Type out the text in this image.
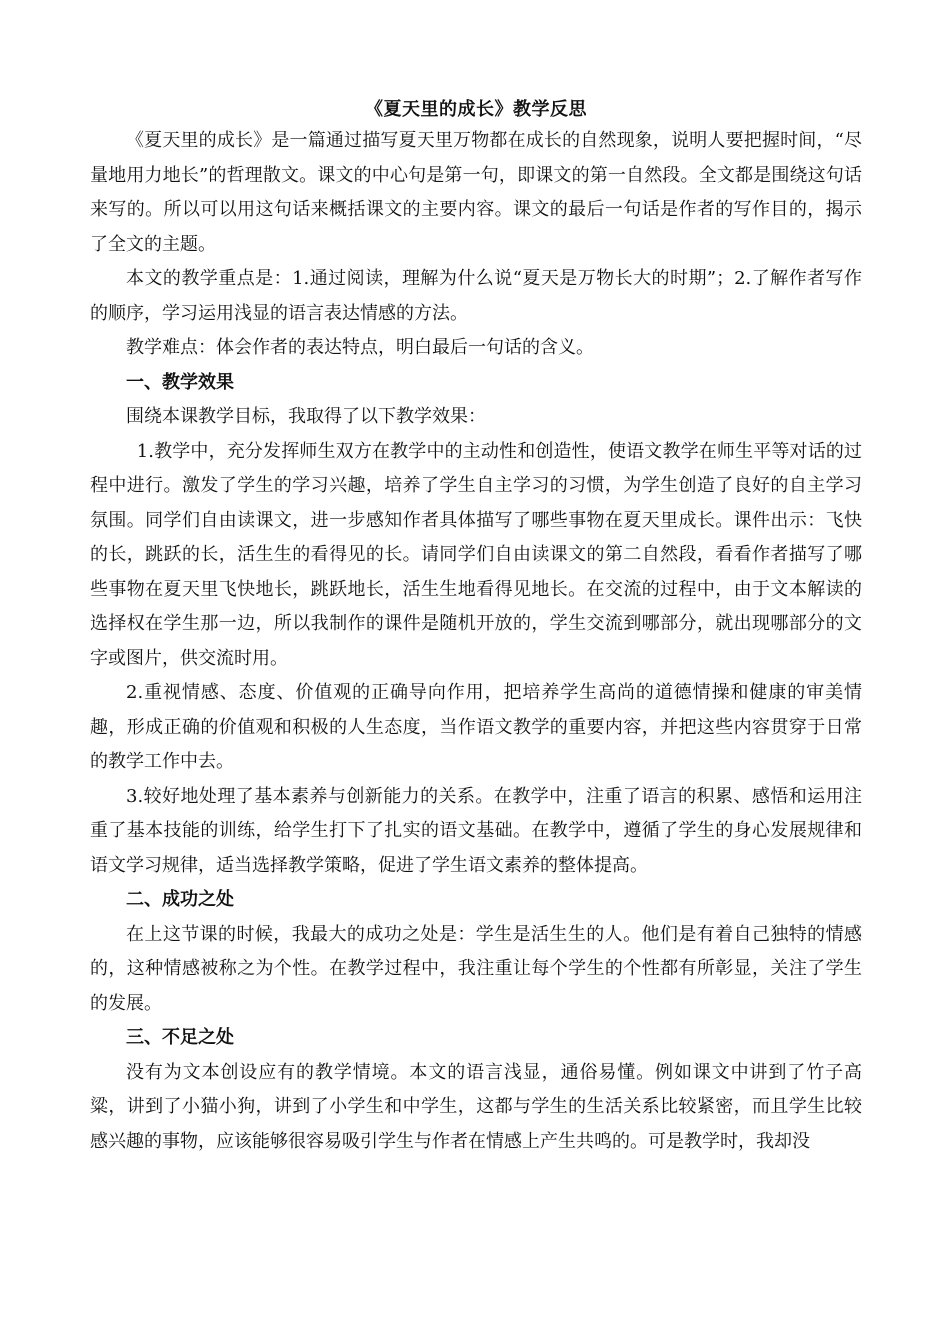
《夏天里的成长》教学反思

《夏天里的成长》是一篇通过描写夏天里万物都在成长的自然现象，说明人要把握时间，“尽量地用力地长”的哲理散文。课文的中心句是第一句，即课文的第一自然段。全文都是围绕这句话来写的。所以可以用这句话来概括课文的主要内容。课文的最后一句话是作者的写作目的，揭示了全文的主题。

本文的教学重点是：1.通过阅读，理解为什么说“夏天是万物长大的时期”；2.了解作者写作的顺序，学习运用浅显的语言表达情感的方法。

教学难点：体会作者的表达特点，明白最后一句话的含义。

一、教学效果

围绕本课教学目标，我取得了以下教学效果：

1.教学中，充分发挥师生双方在教学中的主动性和创造性，使语文教学在师生平等对话的过程中进行。激发了学生的学习兴趣，培养了学生自主学习的习惯，为学生创造了良好的自主学习氛围。同学们自由读课文，进一步感知作者具体描写了哪些事物在夏天里成长。课件出示：飞快的长，跳跃的长，活生生的看得见的长。请同学们自由读课文的第二自然段，看看作者描写了哪些事物在夏天里飞快地长，跳跃地长，活生生地看得见地长。在交流的过程中，由于文本解读的选择权在学生那一边，所以我制作的课件是随机开放的，学生交流到哪部分，就出现哪部分的文字或图片，供交流时用。

2.重视情感、态度、价值观的正确导向作用，把培养学生高尚的道德情操和健康的审美情趣，形成正确的价值观和积极的人生态度，当作语文教学的重要内容，并把这些内容贯穿于日常的教学工作中去。

3.较好地处理了基本素养与创新能力的关系。在教学中，注重了语言的积累、感悟和运用注重了基本技能的训练，给学生打下了扎实的语文基础。在教学中，遵循了学生的身心发展规律和语文学习规律，适当选择教学策略，促进了学生语文素养的整体提高。

二、成功之处

在上这节课的时候，我最大的成功之处是：学生是活生生的人。他们是有着自己独特的情感的，这种情感被称之为个性。在教学过程中，我注重让每个学生的个性都有所彰显，关注了学生的发展。

三、不足之处

没有为文本创设应有的教学情境。本文的语言浅显，通俗易懂。例如课文中讲到了竹子高粱，讲到了小猫小狗，讲到了小学生和中学生，这都与学生的生活关系比较紧密，而且学生比较感兴趣的事物，应该能够很容易吸引学生与作者在情感上产生共鸣的。可是教学时，我却没
